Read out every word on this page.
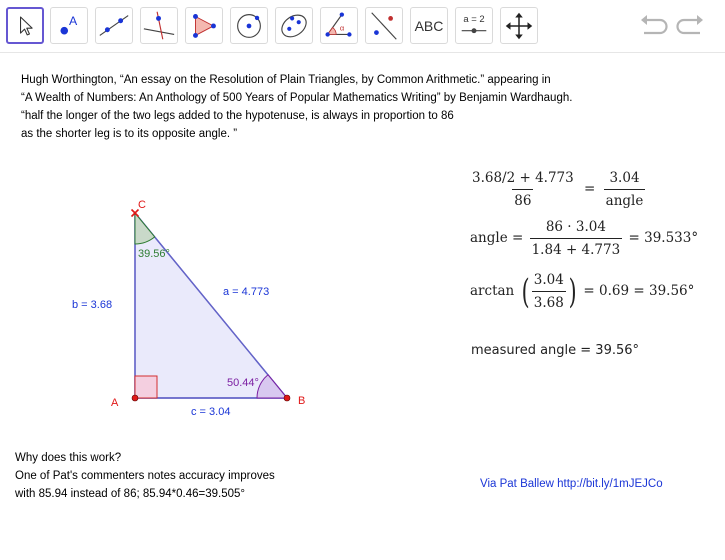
A
α	ABC	a = 2
Hugh Worthington, “An essay on the Resolution of Plain Triangles, by Common Arithmetic.” appearing in
“A Wealth of Numbers: An Anthology of 500 Years of Popular Mathematics Writing” by Benjamin Wardhaugh.
“half the longer of the two legs added to the hypotenuse, is always in proportion to 86
as the shorter leg is to its opposite angle. ”
A	B
C
b = 3.68
a = 4.773
c = 3.04
39.56°
50.44°
$\frac{3.68/2 + 4.773}{86} = \frac{3.04}{\text{angle}}$
angle = $\frac{86 \cdot 3.04}{1.84 + 4.773} = 39.533^\circ$
arctan ( $\frac{3.04}{3.68}$ ) = 0.69 = 39.56°
measured angle = 39.56°
Why does this work?
One of Pat's commenters notes accuracy improves
with 85.94 instead of 86; 85.94*0.46=39.505°
Via Pat Ballew http://bit.ly/1mJEJCo
